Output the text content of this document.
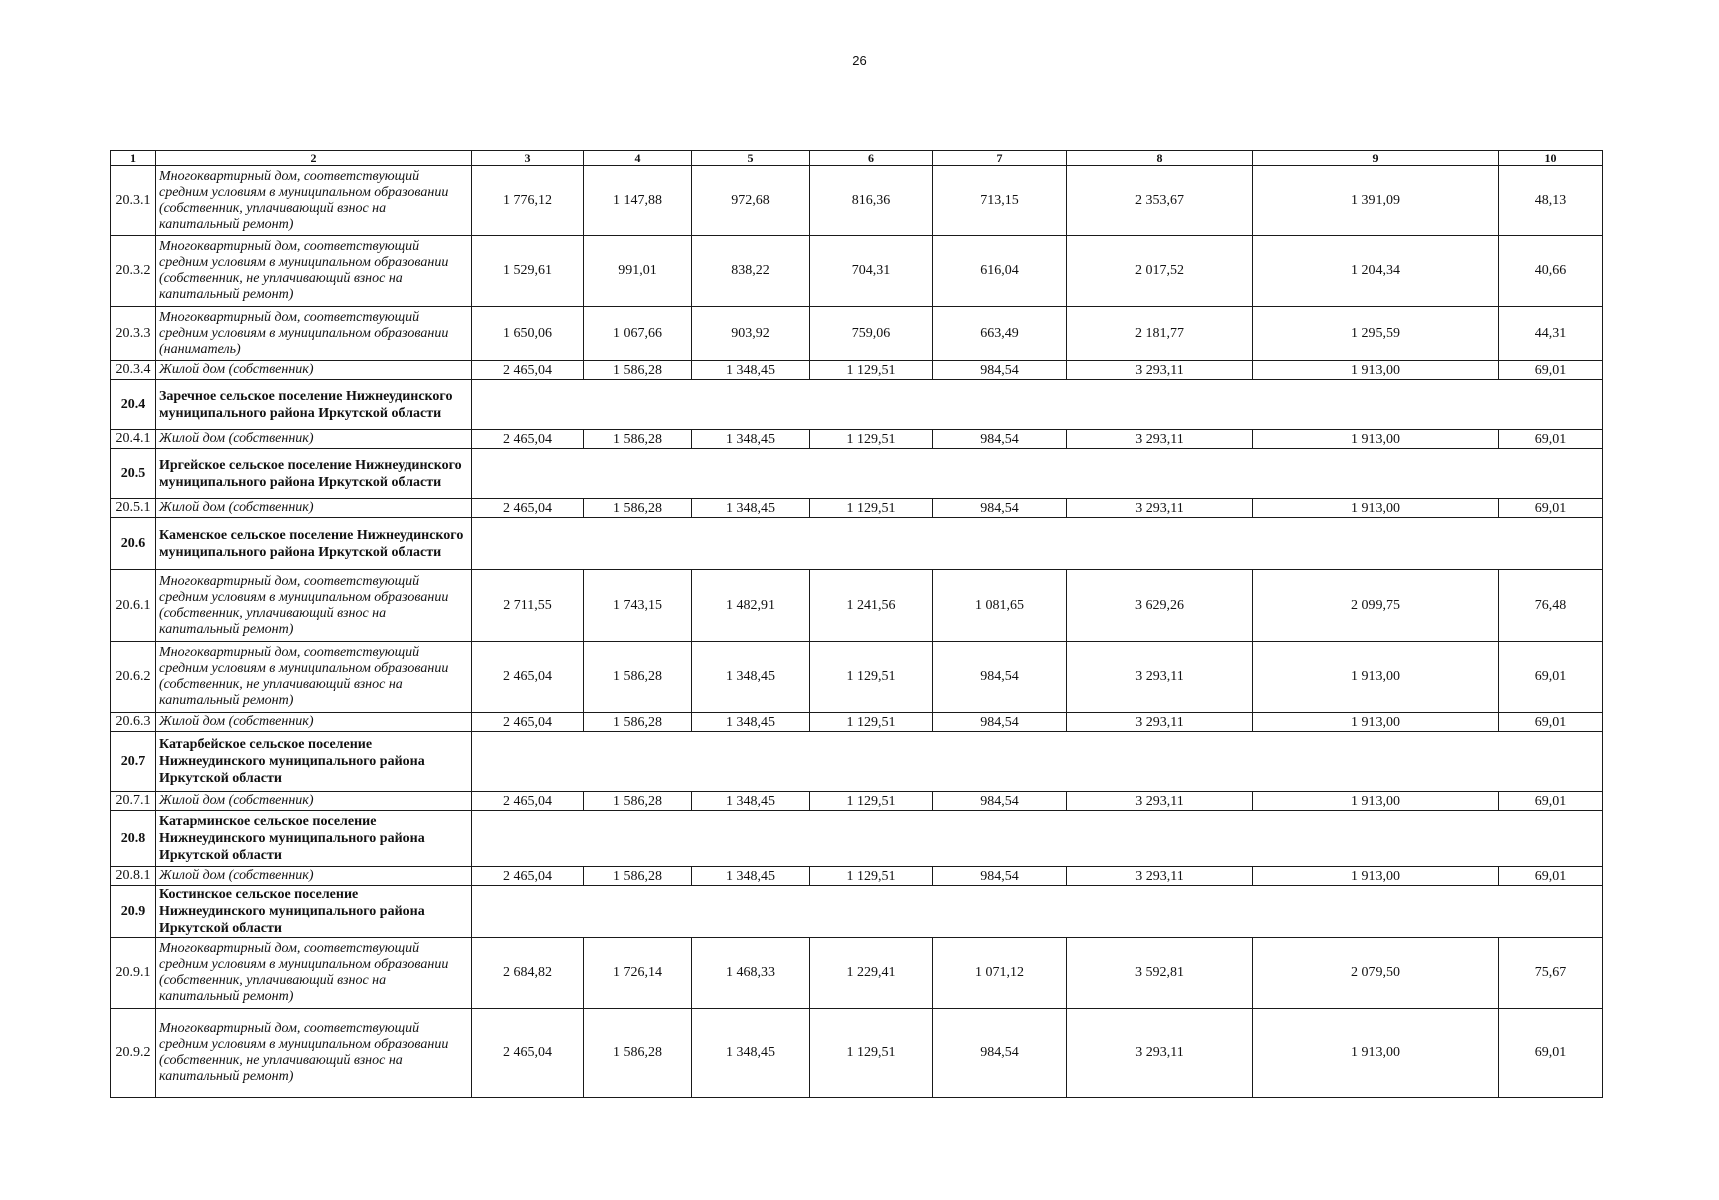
26
1	2	3	4	5	6	7	8	9	10
20.3.1	Многоквартирный дом, соответствующий средним условиям в муниципальном образовании (собственник, уплачивающий взнос на капитальный ремонт)	1 776,12	1 147,88	972,68	816,36	713,15	2 353,67	1 391,09	48,13
20.3.2	Многоквартирный дом, соответствующий средним условиям в муниципальном образовании (собственник, не уплачивающий взнос на капитальный ремонт)	1 529,61	991,01	838,22	704,31	616,04	2 017,52	1 204,34	40,66
20.3.3	Многоквартирный дом, соответствующий средним условиям в муниципальном образовании (наниматель)	1 650,06	1 067,66	903,92	759,06	663,49	2 181,77	1 295,59	44,31
20.3.4	Жилой дом (собственник)	2 465,04	1 586,28	1 348,45	1 129,51	984,54	3 293,11	1 913,00	69,01
20.4	Заречное сельское поселение Нижнеудинского муниципального района Иркутской области								
20.4.1	Жилой дом (собственник)	2 465,04	1 586,28	1 348,45	1 129,51	984,54	3 293,11	1 913,00	69,01
20.5	Иргейское сельское поселение Нижнеудинского муниципального района Иркутской области								
20.5.1	Жилой дом (собственник)	2 465,04	1 586,28	1 348,45	1 129,51	984,54	3 293,11	1 913,00	69,01
20.6	Каменское сельское поселение Нижнеудинского муниципального района Иркутской области								
20.6.1	Многоквартирный дом, соответствующий средним условиям в муниципальном образовании (собственник, уплачивающий взнос на капитальный ремонт)	2 711,55	1 743,15	1 482,91	1 241,56	1 081,65	3 629,26	2 099,75	76,48
20.6.2	Многоквартирный дом, соответствующий средним условиям в муниципальном образовании (собственник, не уплачивающий взнос на капитальный ремонт)	2 465,04	1 586,28	1 348,45	1 129,51	984,54	3 293,11	1 913,00	69,01
20.6.3	Жилой дом (собственник)	2 465,04	1 586,28	1 348,45	1 129,51	984,54	3 293,11	1 913,00	69,01
20.7	Катарбейское сельское поселение Нижнеудинского муниципального района Иркутской области								
20.7.1	Жилой дом (собственник)	2 465,04	1 586,28	1 348,45	1 129,51	984,54	3 293,11	1 913,00	69,01
20.8	Катарминское сельское поселение Нижнеудинского муниципального района Иркутской области								
20.8.1	Жилой дом (собственник)	2 465,04	1 586,28	1 348,45	1 129,51	984,54	3 293,11	1 913,00	69,01
20.9	Костинское сельское поселение Нижнеудинского муниципального района Иркутской области								
20.9.1	Многоквартирный дом, соответствующий средним условиям в муниципальном образовании (собственник, уплачивающий взнос на капитальный ремонт)	2 684,82	1 726,14	1 468,33	1 229,41	1 071,12	3 592,81	2 079,50	75,67
20.9.2	Многоквартирный дом, соответствующий средним условиям в муниципальном образовании (собственник, не уплачивающий взнос на капитальный ремонт)	2 465,04	1 586,28	1 348,45	1 129,51	984,54	3 293,11	1 913,00	69,01
